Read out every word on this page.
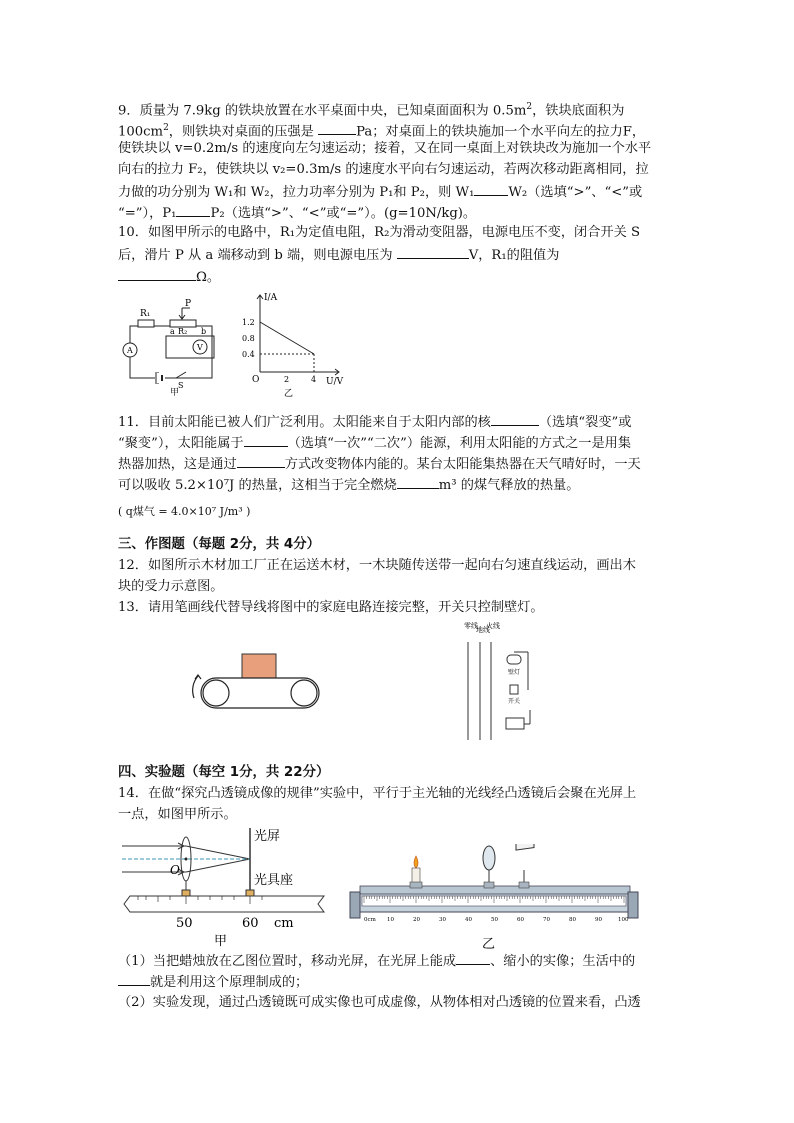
9．质量为 7.9kg 的铁块放置在水平桌面中央，已知桌面面积为 $0.5m^2$，铁块底面积为
$100cm^2$，则铁块对桌面的压强是	Pa；对桌面上的铁块施加一个水平向左的拉力F，
使铁块以 v=0.2m/s 的速度向左匀速运动；接着，又在同一桌面上对铁块改为施加一个水平
向右的拉力 F₂，使铁块以 v₂=0.3m/s 的速度水平向右匀速运动，若两次移动距离相同，拉
力做的功分别为 W₁和 W₂，拉力功率分别为 P₁和 P₂，则 W₁	W₂（选填“>”、“<”或
“=”），P₁	P₂（选填“>”、“<”或“=”）。(g=10N/kg)。
10．如图甲所示的电路中，R₁为定值电阻，R₂为滑动变阻器，电源电压不变，闭合开关 S
后，滑片 P 从 a 端移动到 b 端，则电源电压为	V，R₁的阻值为
Ω。
R₁
P
a R₂ b
A	V
S
甲
I/A
U/V
O
1.2
0.8
0.4
2	4
乙
11．目前太阳能已被人们广泛利用。太阳能来自于太阳内部的核	（选填“裂变”或
“聚变”），太阳能属于	（选填“一次”“二次”）能源，利用太阳能的方式之一是用集
热器加热，这是通过	方式改变物体内能的。某台太阳能集热器在天气晴好时，一天
可以吸收 5.2×10⁷J 的热量，这相当于完全燃烧	m³ 的煤气释放的热量。
( q煤气 = 4.0×10⁷ J/m³ )
三、作图题（每题 2分，共 4分）
12．如图所示木材加工厂正在运送木材，一木块随传送带一起向右匀速直线运动，画出木
块的受力示意图。
13．请用笔画线代替导线将图中的家庭电路连接完整，开关只控制壁灯。
零线
地线
火线
壁灯
开关
四、实验题（每空 1分，共 22分）
14．在做“探究凸透镜成像的规律”实验中，平行于主光轴的光线经凸透镜后会聚在光屏上
一点，如图甲所示。
光屏
光具座
O
50	60 cm
甲
0cm 10	20	30	40	50	60	70	80	90	100
乙
（1）当把蜡烛放在乙图位置时，移动光屏，在光屏上能成	、缩小的实像；生活中的
就是利用这个原理制成的；
（2）实验发现，通过凸透镜既可成实像也可成虚像，从物体相对凸透镜的位置来看，凸透
